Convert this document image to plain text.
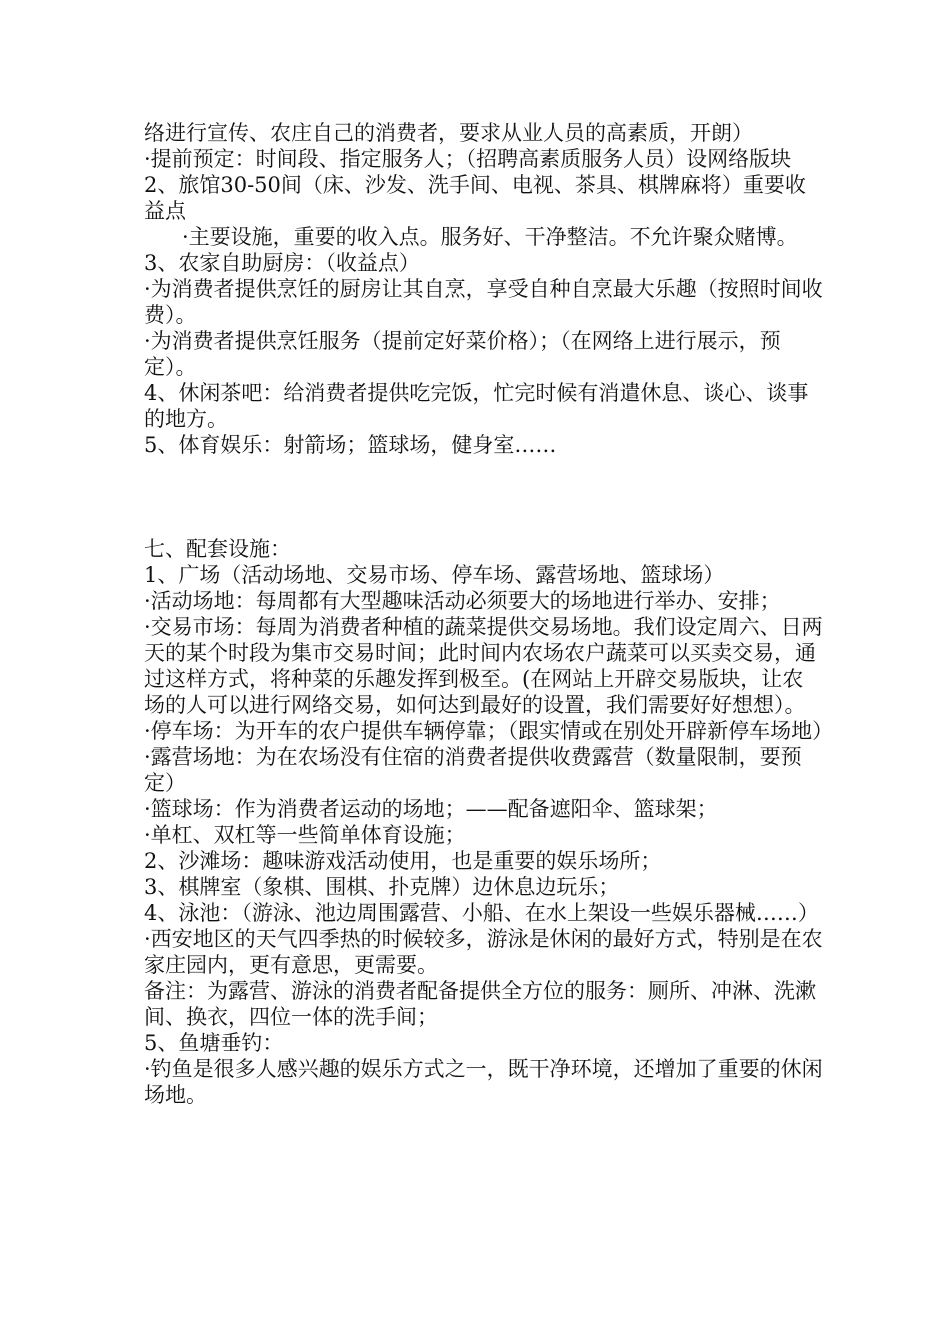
络进行宣传、农庄自己的消费者，要求从业人员的高素质，开朗）

·提前预定：时间段、指定服务人；（招聘高素质服务人员）设网络版块

2、旅馆30-50间（床、沙发、洗手间、电视、茶具、棋牌麻将）重要收益点

·主要设施，重要的收入点。服务好、干净整洁。不允许聚众赌博。

3、农家自助厨房：（收益点）

·为消费者提供烹饪的厨房让其自烹，享受自种自烹最大乐趣（按照时间收费）。

·为消费者提供烹饪服务（提前定好菜价格）；（在网络上进行展示，预定）。

4、休闲茶吧：给消费者提供吃完饭，忙完时候有消遣休息、谈心、谈事的地方。

5、体育娱乐：射箭场；篮球场，健身室……

七、配套设施：

1、广场（活动场地、交易市场、停车场、露营场地、篮球场）

·活动场地：每周都有大型趣味活动必须要大的场地进行举办、安排；

·交易市场：每周为消费者种植的蔬菜提供交易场地。我们设定周六、日两天的某个时段为集市交易时间；此时间内农场农户蔬菜可以买卖交易，通过这样方式，将种菜的乐趣发挥到极至。(在网站上开辟交易版块，让农场的人可以进行网络交易，如何达到最好的设置，我们需要好好想想）。

·停车场：为开车的农户提供车辆停靠；（跟实情或在别处开辟新停车场地）

·露营场地：为在农场没有住宿的消费者提供收费露营（数量限制，要预定）

·篮球场：作为消费者运动的场地；——配备遮阳伞、篮球架；

·单杠、双杠等一些简单体育设施；

2、沙滩场：趣味游戏活动使用，也是重要的娱乐场所；

3、棋牌室（象棋、围棋、扑克牌）边休息边玩乐；

4、泳池：（游泳、池边周围露营、小船、在水上架设一些娱乐器械……）

·西安地区的天气四季热的时候较多，游泳是休闲的最好方式，特别是在农家庄园内，更有意思，更需要。

备注：为露营、游泳的消费者配备提供全方位的服务：厕所、冲淋、洗漱间、换衣，四位一体的洗手间；

5、鱼塘垂钓：

·钓鱼是很多人感兴趣的娱乐方式之一，既干净环境，还增加了重要的休闲场地。
